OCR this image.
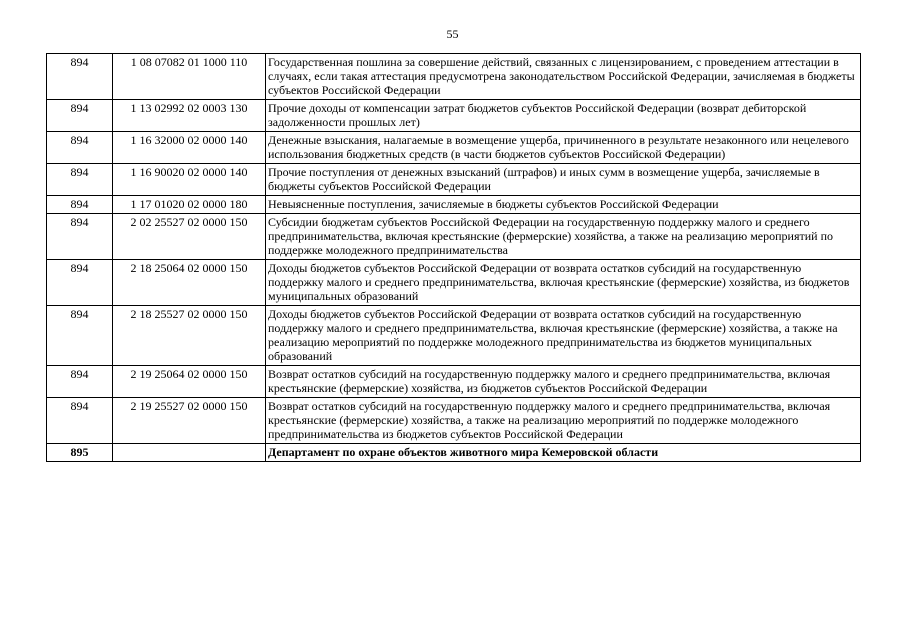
55
894	1 08 07082 01 1000 110	Государственная пошлина за совершение действий, связанных с лицензированием, с проведением аттестации в случаях, если такая аттестация предусмотрена законодательством Российской Федерации, зачисляемая в бюджеты субъектов Российской Федерации
894	1 13 02992 02 0003 130	Прочие доходы от компенсации затрат бюджетов субъектов Российской Федерации (возврат дебиторской задолженности прошлых лет)
894	1 16 32000 02 0000 140	Денежные взыскания, налагаемые в возмещение ущерба, причиненного в результате незаконного или нецелевого использования бюджетных средств (в части бюджетов субъектов Российской Федерации)
894	1 16 90020 02 0000 140	Прочие поступления от денежных взысканий (штрафов) и иных сумм в возмещение ущерба, зачисляемые в бюджеты субъектов Российской Федерации
894	1 17 01020 02 0000 180	Невыясненные поступления, зачисляемые в бюджеты субъектов Российской Федерации
894	2 02 25527 02 0000 150	Субсидии бюджетам субъектов Российской Федерации на государственную поддержку малого и среднего предпринимательства, включая крестьянские (фермерские) хозяйства, а также на реализацию мероприятий по поддержке молодежного предпринимательства
894	2 18 25064 02 0000 150	Доходы бюджетов субъектов Российской Федерации от возврата остатков субсидий на государственную поддержку малого и среднего предпринимательства, включая крестьянские (фермерские) хозяйства, из бюджетов муниципальных образований
894	2 18 25527 02 0000 150	Доходы бюджетов субъектов Российской Федерации от возврата остатков субсидий на государственную поддержку малого и среднего предпринимательства, включая крестьянские (фермерские) хозяйства, а также на реализацию мероприятий по поддержке молодежного предпринимательства из бюджетов муниципальных образований
894	2 19 25064 02 0000 150	Возврат остатков субсидий на государственную поддержку малого и среднего предпринимательства, включая крестьянские (фермерские) хозяйства, из бюджетов субъектов Российской Федерации
894	2 19 25527 02 0000 150	Возврат остатков субсидий на государственную поддержку малого и среднего предпринимательства, включая крестьянские (фермерские) хозяйства, а также на реализацию мероприятий по поддержке молодежного предпринимательства из бюджетов субъектов Российской Федерации
895		Департамент по охране объектов животного мира Кемеровской области
